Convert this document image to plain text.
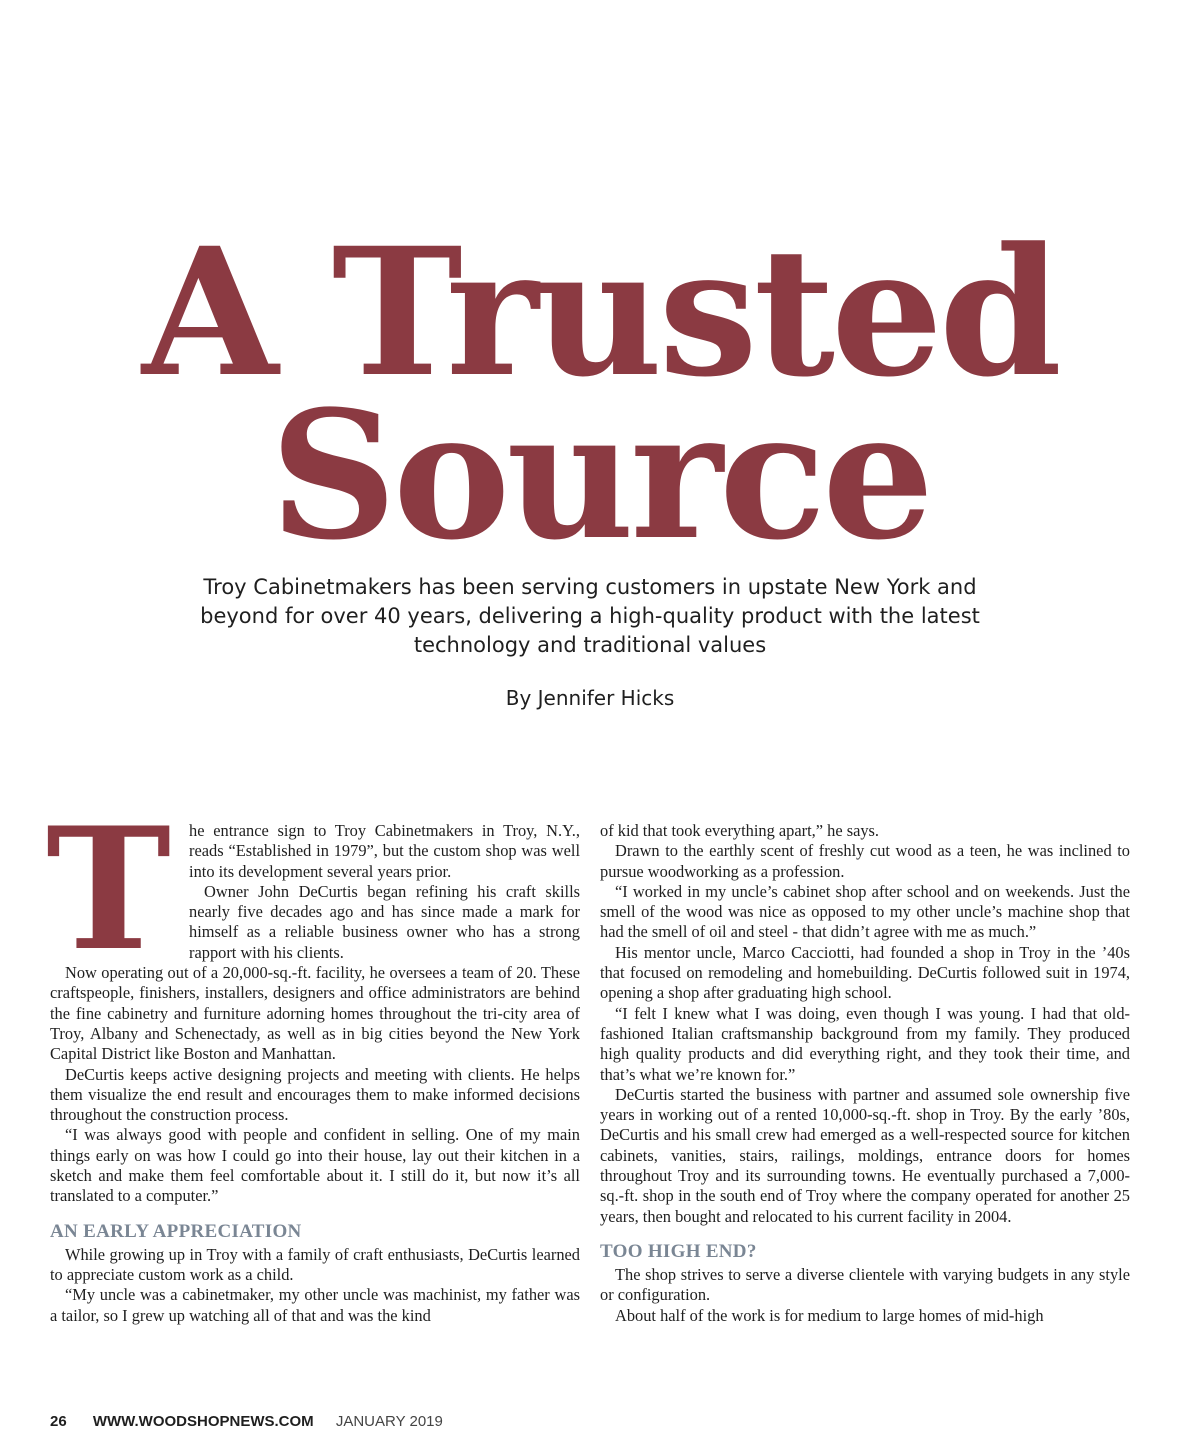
A Trusted
Source

Troy Cabinetmakers has been serving customers in upstate New York and beyond for over 40 years, delivering a high-quality product with the latest technology and traditional values

By Jennifer Hicks
T	he entrance sign to Troy Cabinetmakers in Troy, N.Y., reads “Established in 1979”, but the custom shop was well into its development several years prior.

Owner John DeCurtis began refining his craft skills nearly five decades ago and has since made a mark for himself as a reliable business owner who has a strong rapport with his clients.

Now operating out of a 20,000-sq.-ft. facility, he oversees a team of 20. These craftspeople, finishers, installers, designers and office administrators are behind the fine cabinetry and furniture adorning homes throughout the tri-city area of Troy, Albany and Schenectady, as well as in big cities beyond the New York Capital District like Boston and Manhattan.

DeCurtis keeps active designing projects and meeting with clients. He helps them visualize the end result and encourages them to make informed decisions throughout the construction process.

“I was always good with people and confident in selling. One of my main things early on was how I could go into their house, lay out their kitchen in a sketch and make them feel comfortable about it. I still do it, but now it’s all translated to a computer.”

AN EARLY APPRECIATION

While growing up in Troy with a family of craft enthusiasts, DeCurtis learned to appreciate custom work as a child.

“My uncle was a cabinetmaker, my other uncle was machinist, my father was a tailor, so I grew up watching all of that and was the kind

of kid that took everything apart,” he says.

Drawn to the earthly scent of freshly cut wood as a teen, he was inclined to pursue woodworking as a profession.

“I worked in my uncle’s cabinet shop after school and on weekends. Just the smell of the wood was nice as opposed to my other uncle’s machine shop that had the smell of oil and steel - that didn’t agree with me as much.”

His mentor uncle, Marco Cacciotti, had founded a shop in Troy in the ’40s that focused on remodeling and homebuilding. DeCurtis followed suit in 1974, opening a shop after graduating high school.

“I felt I knew what I was doing, even though I was young. I had that old-fashioned Italian craftsmanship background from my family. They produced high quality products and did everything right, and they took their time, and that’s what we’re known for.”

DeCurtis started the business with partner and assumed sole ownership five years in working out of a rented 10,000-sq.-ft. shop in Troy. By the early ’80s, DeCurtis and his small crew had emerged as a well-respected source for kitchen cabinets, vanities, stairs, railings, moldings, entrance doors for homes throughout Troy and its surrounding towns. He eventually purchased a 7,000-sq.-ft. shop in the south end of Troy where the company operated for another 25 years, then bought and relocated to his current facility in 2004.

TOO HIGH END?

The shop strives to serve a diverse clientele with varying budgets in any style or configuration.

About half of the work is for medium to large homes of mid-high

26 WWW.WOODSHOPNEWS.COM JANUARY 2019
